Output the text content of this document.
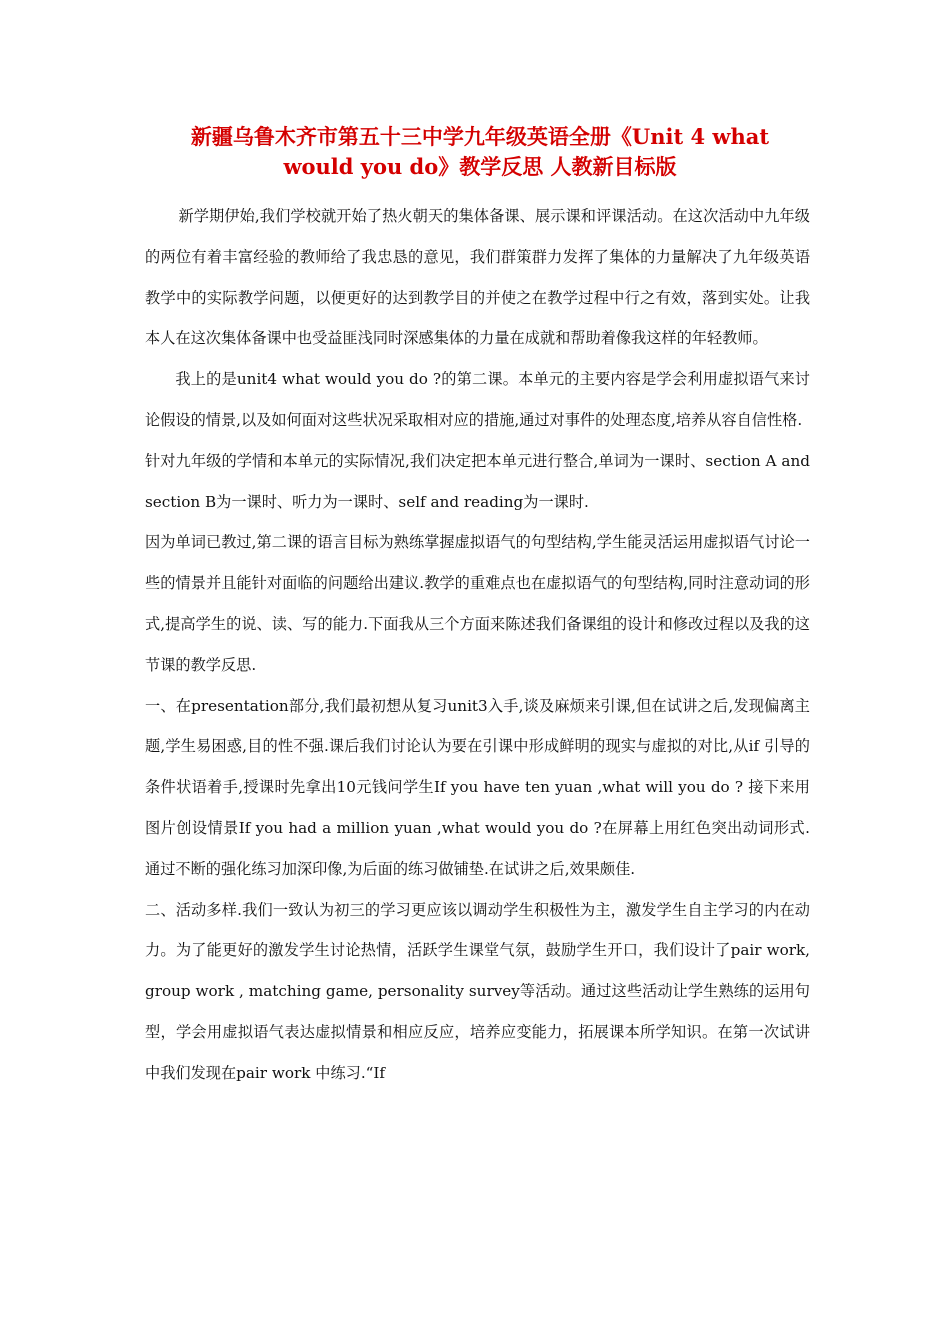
新疆乌鲁木齐市第五十三中学九年级英语全册《Unit 4 what
would you do》教学反思 人教新目标版

新学期伊始,我们学校就开始了热火朝天的集体备课、展示课和评课活动。在这次活动中九年级的两位有着丰富经验的教师给了我忠恳的意见，我们群策群力发挥了集体的力量解决了九年级英语教学中的实际教学问题，以便更好的达到教学目的并使之在教学过程中行之有效，落到实处。让我本人在这次集体备课中也受益匪浅同时深感集体的力量在成就和帮助着像我这样的年轻教师。

我上的是unit4 what would you do ?的第二课。本单元的主要内容是学会利用虚拟语气来讨论假设的情景,以及如何面对这些状况采取相对应的措施,通过对事件的处理态度,培养从容自信性格.

针对九年级的学情和本单元的实际情况,我们决定把本单元进行整合,单词为一课时、section A and section B为一课时、听力为一课时、self and reading为一课时.

因为单词已教过,第二课的语言目标为熟练掌握虚拟语气的句型结构,学生能灵活运用虚拟语气讨论一些的情景并且能针对面临的问题给出建议.教学的重难点也在虚拟语气的句型结构,同时注意动词的形式,提高学生的说、读、写的能力.下面我从三个方面来陈述我们备课组的设计和修改过程以及我的这节课的教学反思.

一、在presentation部分,我们最初想从复习unit3入手,谈及麻烦来引课,但在试讲之后,发现偏离主题,学生易困惑,目的性不强.课后我们讨论认为要在引课中形成鲜明的现实与虚拟的对比,从if 引导的条件状语着手,授课时先拿出10元钱问学生If you have ten yuan ,what will you do ? 接下来用图片创设情景If you had a million yuan ,what would you do ?在屏幕上用红色突出动词形式.通过不断的强化练习加深印像,为后面的练习做铺垫.在试讲之后,效果颇佳.

二、活动多样.我们一致认为初三的学习更应该以调动学生积极性为主，激发学生自主学习的内在动力。为了能更好的激发学生讨论热情，活跃学生课堂气氛，鼓励学生开口，我们设计了pair work, group work , matching game, personality survey等活动。通过这些活动让学生熟练的运用句型，学会用虚拟语气表达虚拟情景和相应反应，培养应变能力，拓展课本所学知识。在第一次试讲中我们发现在pair work 中练习.“If
